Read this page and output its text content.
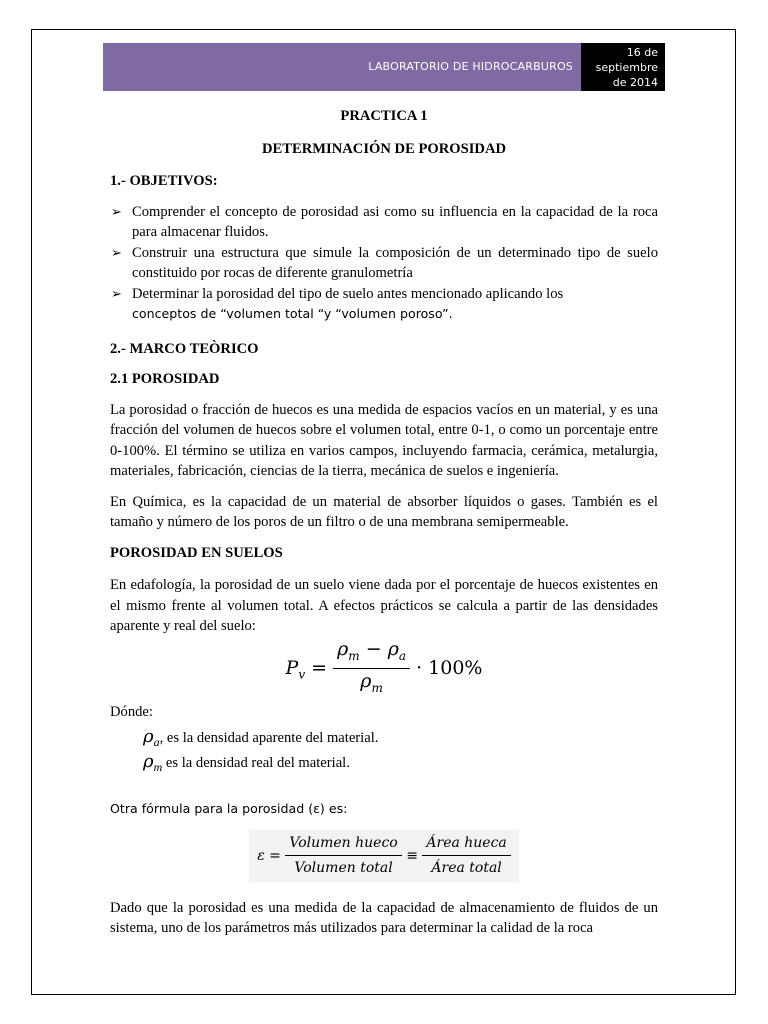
LABORATORIO DE HIDROCARBUROS
16 de
septiembre
de 2014
PRACTICA 1
DETERMINACIÓN DE POROSIDAD
1.- OBJETIVOS:
➢ Comprender el concepto de porosidad asi como su influencia en la capacidad de la roca para almacenar fluidos.
➢ Construir una estructura que simule la composición de un determinado tipo de suelo constituido por rocas de diferente granulometría
➢ Determinar la porosidad del tipo de suelo antes mencionado aplicando los
conceptos de “volumen total “y “volumen poroso”.
2.- MARCO TEÒRICO
2.1 POROSIDAD

La porosidad o fracción de huecos es una medida de espacios vacíos en un material, y es una fracción del volumen de huecos sobre el volumen total, entre 0-1, o como un porcentaje entre 0-100%. El término se utiliza en varios campos, incluyendo farmacia, cerámica, metalurgia, materiales, fabricación, ciencias de la tierra, mecánica de suelos e ingeniería.

En Química, es la capacidad de un material de absorber líquidos o gases. También es el tamaño y número de los poros de un filtro o de una membrana semipermeable.

POROSIDAD EN SUELOS

En edafología, la porosidad de un suelo viene dada por el porcentaje de huecos existentes en el mismo frente al volumen total. A efectos prácticos se calcula a partir de las densidades aparente y real del suelo:

$P_v = \frac{\rho_m - \rho_a}{\rho_m} \cdot 100\%$
Dónde:
$\rho_a$, es la densidad aparente del material.
$\rho_m$ es la densidad real del material.
Otra fórmula para la porosidad (ε) es:
$\varepsilon = \frac{\text{Volumen hueco}}{\text{Volumen total}} \equiv \frac{\text{Área hueca}}{\text{Área total}}$

Dado que la porosidad es una medida de la capacidad de almacenamiento de fluidos de un sistema, uno de los parámetros más utilizados para determinar la calidad de la roca
